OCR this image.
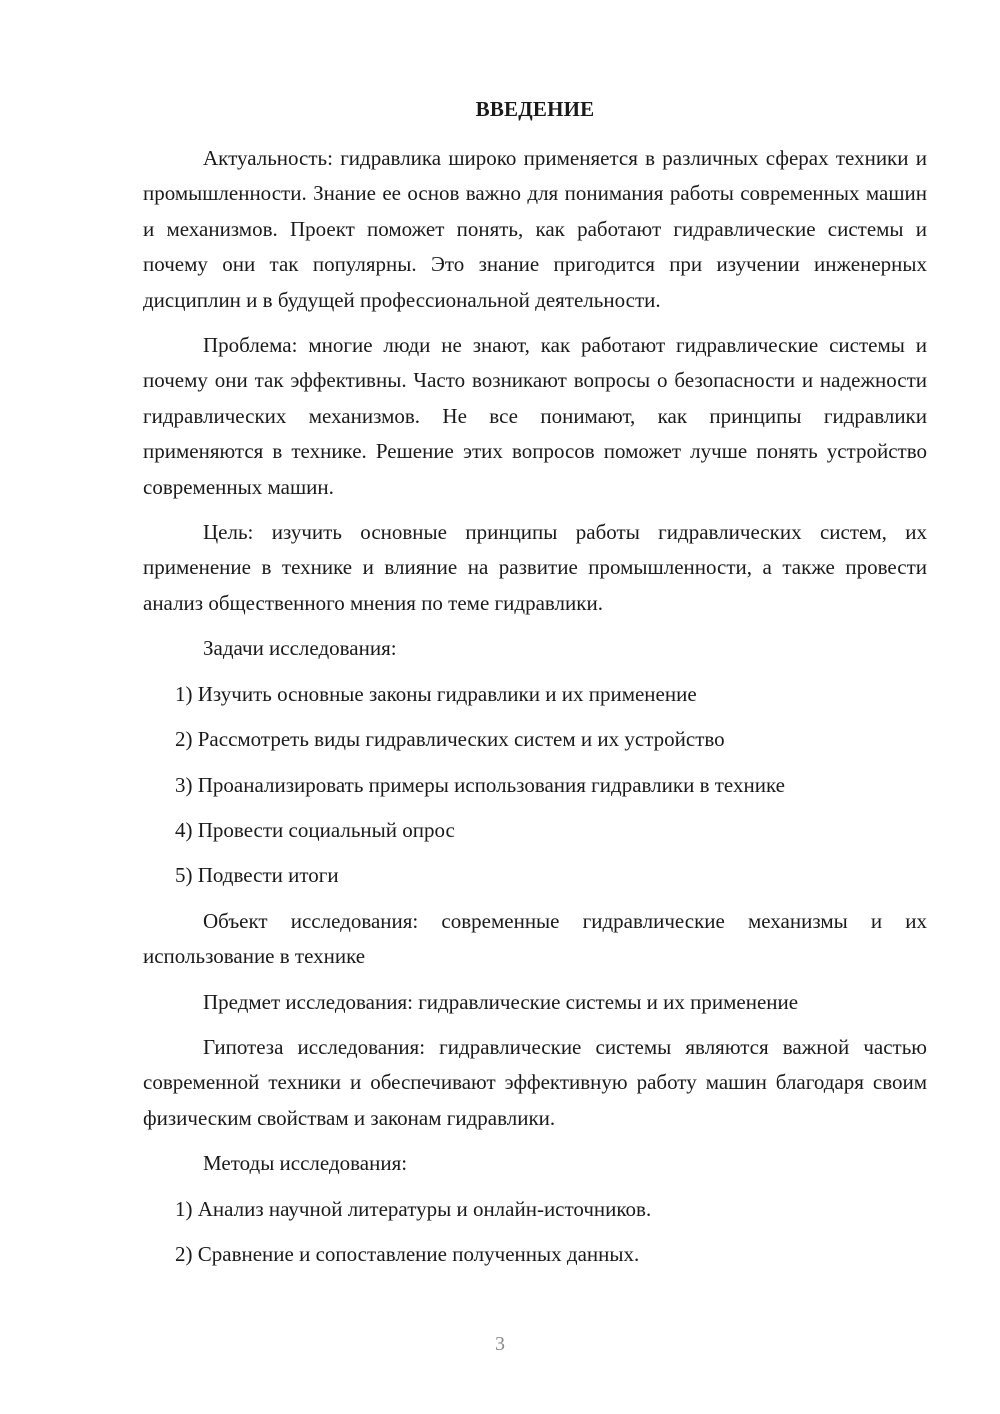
ВВЕДЕНИЕ

Актуальность: гидравлика широко применяется в различных сферах техники и промышленности. Знание ее основ важно для понимания работы современных машин и механизмов. Проект поможет понять, как работают гидравлические системы и почему они так популярны. Это знание пригодится при изучении инженерных дисциплин и в будущей профессиональной деятельности.

Проблема: многие люди не знают, как работают гидравлические системы и почему они так эффективны. Часто возникают вопросы о безопасности и надежности гидравлических механизмов. Не все понимают, как принципы гидравлики применяются в технике. Решение этих вопросов поможет лучше понять устройство современных машин.

Цель: изучить основные принципы работы гидравлических систем, их применение в технике и влияние на развитие промышленности, а также провести анализ общественного мнения по теме гидравлики.

Задачи исследования:

1) Изучить основные законы гидравлики и их применение
2) Рассмотреть виды гидравлических систем и их устройство
3) Проанализировать примеры использования гидравлики в технике
4) Провести социальный опрос
5) Подвести итоги

Объект исследования: современные гидравлические механизмы и их использование в технике

Предмет исследования: гидравлические системы и их применение

Гипотеза исследования: гидравлические системы являются важной частью современной техники и обеспечивают эффективную работу машин благодаря своим физическим свойствам и законам гидравлики.

Методы исследования:

1) Анализ научной литературы и онлайн-источников.
2) Сравнение и сопоставление полученных данных.
3
